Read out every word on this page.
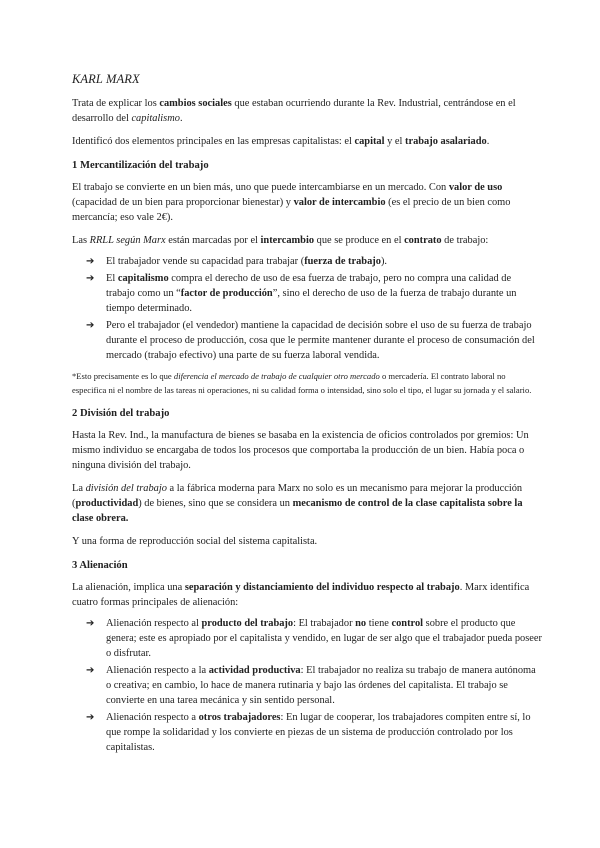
KARL MARX

Trata de explicar los cambios sociales que estaban ocurriendo durante la Rev. Industrial, centrándose en el desarrollo del capitalismo.

Identificó dos elementos principales en las empresas capitalistas: el capital y el trabajo asalariado.

1 Mercantilización del trabajo

El trabajo se convierte en un bien más, uno que puede intercambiarse en un mercado. Con valor de uso (capacidad de un bien para proporcionar bienestar) y valor de intercambio (es el precio de un bien como mercancía; eso vale 2€).

Las RRLL según Marx están marcadas por el intercambio que se produce en el contrato de trabajo:

➔ El trabajador vende su capacidad para trabajar (fuerza de trabajo).
➔ El capitalismo compra el derecho de uso de esa fuerza de trabajo, pero no compra una calidad de trabajo como un “factor de producción”, sino el derecho de uso de la fuerza de trabajo durante un tiempo determinado.
➔ Pero el trabajador (el vendedor) mantiene la capacidad de decisión sobre el uso de su fuerza de trabajo durante el proceso de producción, cosa que le permite mantener durante el proceso de consumación del mercado (trabajo efectivo) una parte de su fuerza laboral vendida.

*Esto precisamente es lo que diferencia el mercado de trabajo de cualquier otro mercado o mercadería. El contrato laboral no especifica ni el nombre de las tareas ni operaciones, ni su calidad forma o intensidad, sino solo el tipo, el lugar su jornada y el salario.

2 División del trabajo

Hasta la Rev. Ind., la manufactura de bienes se basaba en la existencia de oficios controlados por gremios: Un mismo individuo se encargaba de todos los procesos que comportaba la producción de un bien. Había poca o ninguna división del trabajo.

La división del trabajo a la fábrica moderna para Marx no solo es un mecanismo para mejorar la producción (productividad) de bienes, sino que se considera un mecanismo de control de la clase capitalista sobre la clase obrera.

Y una forma de reproducción social del sistema capitalista.

3 Alienación

La alienación, implica una separación y distanciamiento del individuo respecto al trabajo. Marx identifica cuatro formas principales de alienación:

➔ Alienación respecto al producto del trabajo: El trabajador no tiene control sobre el producto que genera; este es apropiado por el capitalista y vendido, en lugar de ser algo que el trabajador pueda poseer o disfrutar.
➔ Alienación respecto a la actividad productiva: El trabajador no realiza su trabajo de manera autónoma o creativa; en cambio, lo hace de manera rutinaria y bajo las órdenes del capitalista. El trabajo se convierte en una tarea mecánica y sin sentido personal.
➔ Alienación respecto a otros trabajadores: En lugar de cooperar, los trabajadores compiten entre sí, lo que rompe la solidaridad y los convierte en piezas de un sistema de producción controlado por los capitalistas.
